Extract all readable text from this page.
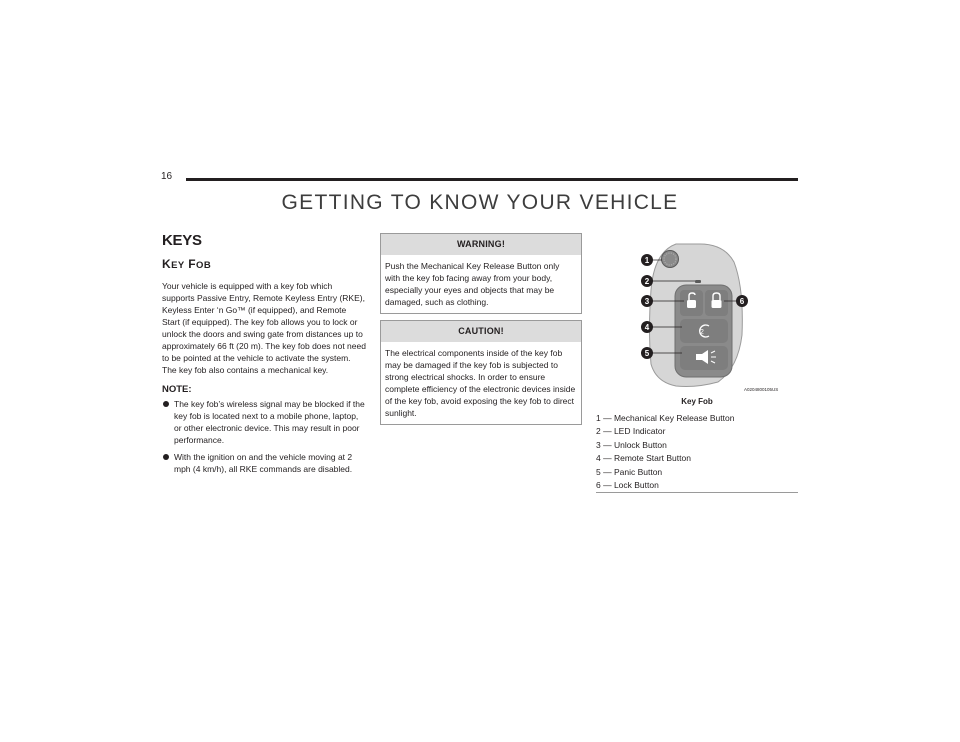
16
GETTING TO KNOW YOUR VEHICLE
KEYS
KEY FOB

Your vehicle is equipped with a key fob which supports Passive Entry, Remote Keyless Entry (RKE), Keyless Enter ‘n Go™ (if equipped), and Remote Start (if equipped). The key fob allows you to lock or unlock the doors and swing gate from distances up to approximately 66 ft (20 m). The key fob does not need to be pointed at the vehicle to activate the system. The key fob also contains a mechanical key.

NOTE:
The key fob’s wireless signal may be blocked if the key fob is located next to a mobile phone, laptop, or other electronic device. This may result in poor performance.
With the ignition on and the vehicle moving at 2 mph (4 km/h), all RKE commands are disabled.
WARNING!
Push the Mechanical Key Release Button only with the key fob facing away from your body, especially your eyes and objects that may be damaged, such as clothing.
CAUTION!
The electrical components inside of the key fob may be damaged if the key fob is subjected to strong electrical shocks. In order to ensure complete efficiency of the electronic devices inside of the key fob, avoid exposing the key fob to direct sunlight.
2
1
2
3
4
5
6
A0204800105US
Key Fob
1 — Mechanical Key Release Button
2 — LED Indicator
3 — Unlock Button
4 — Remote Start Button
5 — Panic Button
6 — Lock Button
